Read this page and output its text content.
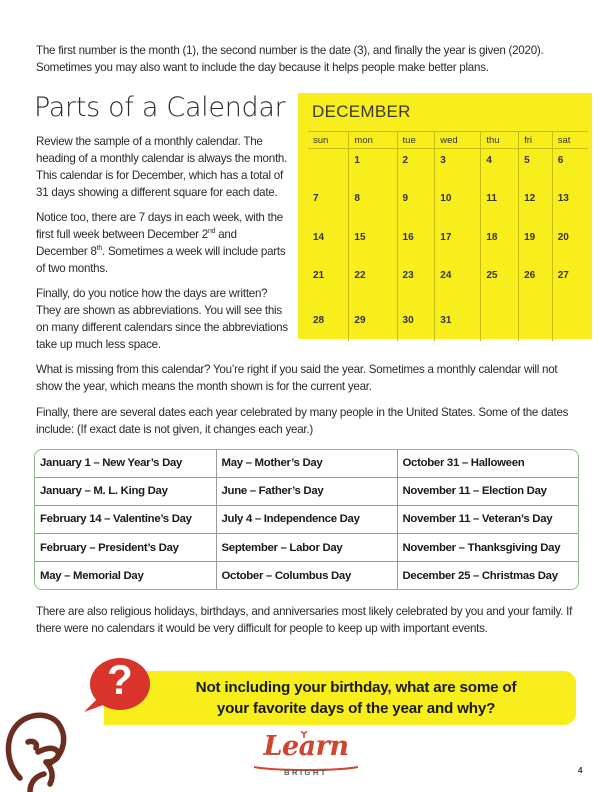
The first number is the month (1), the second number is the date (3), and finally the year is given (2020). Sometimes you may also want to include the day because it helps people make better plans.

Parts of a Calendar

Review the sample of a monthly calendar. The heading of a monthly calendar is always the month. This calendar is for December, which has a total of 31 days showing a different square for each date.

Notice too, there are 7 days in each week, with the first full week between December 2nd and December 8th. Sometimes a week will include parts of two months.

Finally, do you notice how the days are written? They are shown as abbreviations. You will see this on many different calendars since the abbreviations take up much less space.

DECEMBER
sun	mon	tue	wed	thu	fri	sat
	1	2	3	4	5	6
7	8	9	10	11	12	13
14	15	16	17	18	19	20
21	22	23	24	25	26	27
28	29	30	31			

What is missing from this calendar? You’re right if you said the year. Sometimes a monthly calendar will not show the year, which means the month shown is for the current year.

Finally, there are several dates each year celebrated by many people in the United States. Some of the dates include: (If exact date is not given, it changes each year.)

January 1 – New Year’s Day	May – Mother’s Day	October 31 – Halloween
January – M. L. King Day	June – Father’s Day	November 11 – Election Day
February 14 – Valentine’s Day	July 4 – Independence Day	November 11 – Veteran’s Day
February – President’s Day	September – Labor Day	November – Thanksgiving Day
May – Memorial Day	October – Columbus Day	December 25 – Christmas Day

There are also religious holidays, birthdays, and anniversaries most likely celebrated by you and your family. If there were no calendars it would be very difficult for people to keep up with important events.

?	Not including your birthday, what are some of
your favorite days of the year and why?
Learn
BRIGHT	4
